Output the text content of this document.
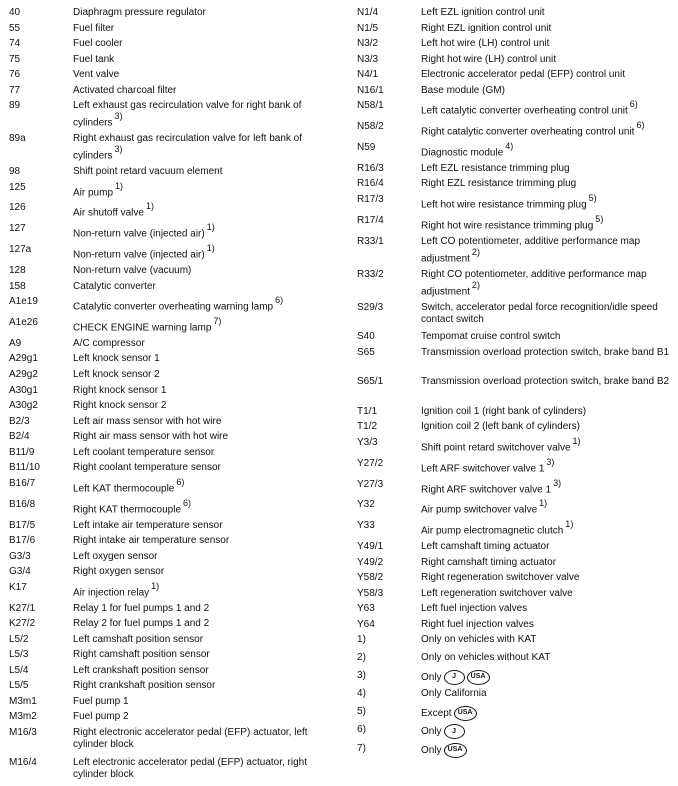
40	Diaphragm pressure regulator
55	Fuel filter
74	Fuel cooler
75	Fuel tank
76	Vent valve
77	Activated charcoal filter
89	Left exhaust gas recirculation valve for right bank of cylinders$^{3)}$
89a	Right exhaust gas recirculation valve for left bank of cylinders$^{3)}$
98	Shift point retard vacuum element
125	Air pump$^{1)}$
126	Air shutoff valve$^{1)}$
127	Non-return valve (injected air)$^{1)}$
127a	Non-return valve (injected air)$^{1)}$
128	Non-return valve (vacuum)
158	Catalytic converter
A1e19	Catalytic converter overheating warning lamp$^{6)}$
A1e26	CHECK ENGINE warning lamp$^{7)}$
A9	A/C compressor
A29g1	Left knock sensor 1
A29g2	Left knock sensor 2
A30g1	Right knock sensor 1
A30g2	Right knock sensor 2
B2/3	Left air mass sensor with hot wire
B2/4	Right air mass sensor with hot wire
B11/9	Left coolant temperature sensor
B11/10	Right coolant temperature sensor
B16/7	Left KAT thermocouple$^{6)}$
B16/8	Right KAT thermocouple$^{6)}$
B17/5	Left intake air temperature sensor
B17/6	Right intake air temperature sensor
G3/3	Left oxygen sensor
G3/4	Right oxygen sensor
K17	Air injection relay$^{1)}$
K27/1	Relay 1 for fuel pumps 1 and 2
K27/2	Relay 2 for fuel pumps 1 and 2
L5/2	Left camshaft position sensor
L5/3	Right camshaft position sensor
L5/4	Left crankshaft position sensor
L5/5	Right crankshaft position sensor
M3m1	Fuel pump 1
M3m2	Fuel pump 2
M16/3	Right electronic accelerator pedal (EFP) actuator, left cylinder block
M16/4	Left electronic accelerator pedal (EFP) actuator, right cylinder block
N1/4	Left EZL ignition control unit
N1/5	Right EZL ignition control unit
N3/2	Left hot wire (LH) control unit
N3/3	Right hot wire (LH) control unit
N4/1	Electronic accelerator pedal (EFP) control unit
N16/1	Base module (GM)
N58/1	Left catalytic converter overheating control unit$^{6)}$
N58/2	Right catalytic converter overheating control unit$^{6)}$
N59	Diagnostic module$^{4)}$
R16/3	Left EZL resistance trimming plug
R16/4	Right EZL resistance trimming plug
R17/3	Left hot wire resistance trimming plug$^{5)}$
R17/4	Right hot wire resistance trimming plug$^{5)}$
R33/1	Left CO potentiometer, additive performance map adjustment$^{2)}$
R33/2	Right CO potentiometer, additive performance map adjustment$^{2)}$
S29/3	Switch, accelerator pedal force recognition/idle speed contact switch
S40	Tempomat cruise control switch
S65	Transmission overload protection switch, brake band B1
S65/1	Transmission overload protection switch, brake band B2
T1/1	Ignition coil 1 (right bank of cylinders)
T1/2	Ignition coil 2 (left bank of cylinders)
Y3/3	Shift point retard switchover valve$^{1)}$
Y27/2	Left ARF switchover valve 1$^{3)}$
Y27/3	Right ARF switchover valve 1$^{3)}$
Y32	Air pump switchover valve$^{1)}$
Y33	Air pump electromagnetic clutch$^{1)}$
Y49/1	Left camshaft timing actuator
Y49/2	Right camshaft timing actuator
Y58/2	Right regeneration switchover valve
Y58/3	Left regeneration switchover valve
Y63	Left fuel injection valves
Y64	Right fuel injection valves
1)	Only on vehicles with KAT
2)	Only on vehicles without KAT
3)	Only J USA
4)	Only California
5)	Except USA
6)	Only J
7)	Only USA
